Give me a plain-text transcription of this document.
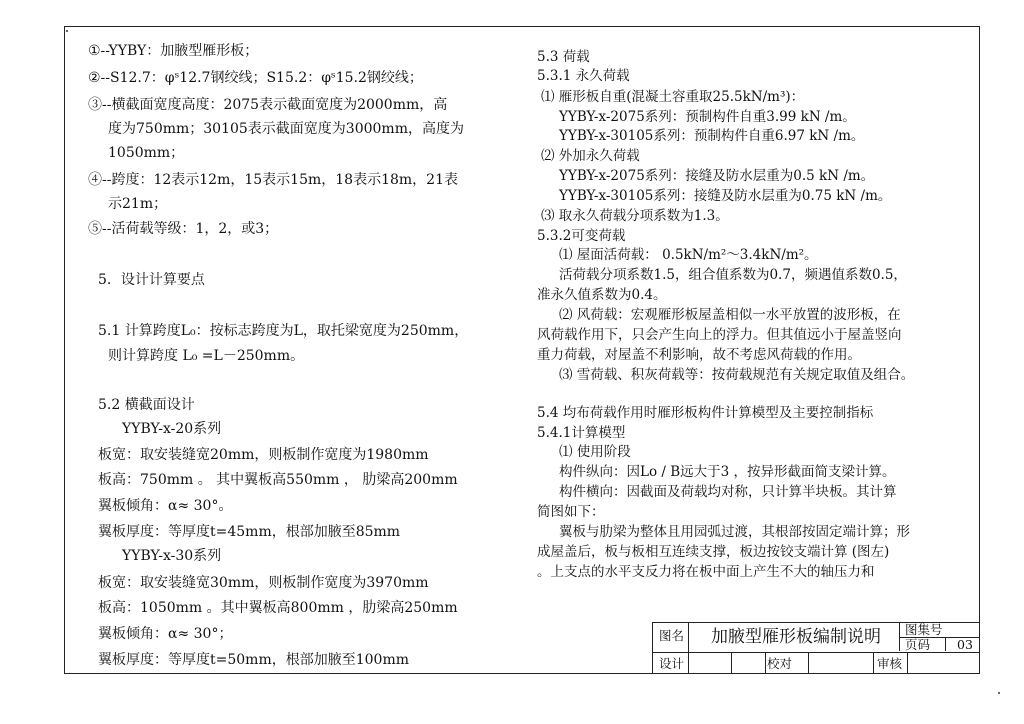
①--YYBY：加腋型雁形板；
②--S12.7：φˢ12.7钢绞线；S15.2：φˢ15.2钢绞线；
③--横截面宽度高度：2075表示截面宽度为2000mm，高
度为750mm；30105表示截面宽度为3000mm，高度为
1050mm；
④--跨度：12表示12m，15表示15m，18表示18m，21表
示21m；
⑤--活荷载等级：1，2，或3；
5．设计计算要点
5.1 计算跨度L₀：按标志跨度为L，取托梁宽度为250mm，
则计算跨度 L₀ =L－250mm。
5.2 横截面设计
YYBY-x-20系列
板宽：取安装缝宽20mm，则板制作宽度为1980mm
板高：750mm 。 其中翼板高550mm ， 肋梁高200mm
翼板倾角：α≈ 30°。
翼板厚度：等厚度t=45mm，根部加腋至85mm
YYBY-x-30系列
板宽：取安装缝宽30mm，则板制作宽度为3970mm
板高：1050mm 。其中翼板高800mm ，肋梁高250mm
翼板倾角：α≈ 30°；
翼板厚度：等厚度t=50mm，根部加腋至100mm
5.3 荷载
5.3.1 永久荷载
⑴ 雁形板自重(混凝土容重取25.5kN/m³)：
YYBY-x-2075系列：预制构件自重3.99 kN /m。
YYBY-x-30105系列：预制构件自重6.97 kN /m。
⑵ 外加永久荷载
YYBY-x-2075系列：接缝及防水层重为0.5 kN /m。
YYBY-x-30105系列：接缝及防水层重为0.75 kN /m。
⑶ 取永久荷载分项系数为1.3。
5.3.2可变荷载
⑴ 屋面活荷载： 0.5kN/m²～3.4kN/m²。
活荷载分项系数1.5，组合值系数为0.7，频遇值系数0.5，
准永久值系数为0.4。
⑵ 风荷载：宏观雁形板屋盖相似一水平放置的波形板，在
风荷载作用下，只会产生向上的浮力。但其值远小于屋盖竖向
重力荷载，对屋盖不利影响，故不考虑风荷载的作用。
⑶ 雪荷载、积灰荷载等：按荷载规范有关规定取值及组合。
5.4 均布荷载作用时雁形板构件计算模型及主要控制指标
5.4.1计算模型
⑴ 使用阶段
构件纵向：因Lo / B远大于3 ，按异形截面简支梁计算。
构件横向：因截面及荷载均对称，只计算半块板。其计算
简图如下：
翼板与肋梁为整体且用园弧过渡，其根部按固定端计算；形
成屋盖后，板与板相互连续支撑，板边按铰支端计算 (图左)
。上支点的水平支反力将在板中面上产生不大的轴压力和
图名 加腋型雁形板编制说明 图集号
页码 03
设计	校对	审核
